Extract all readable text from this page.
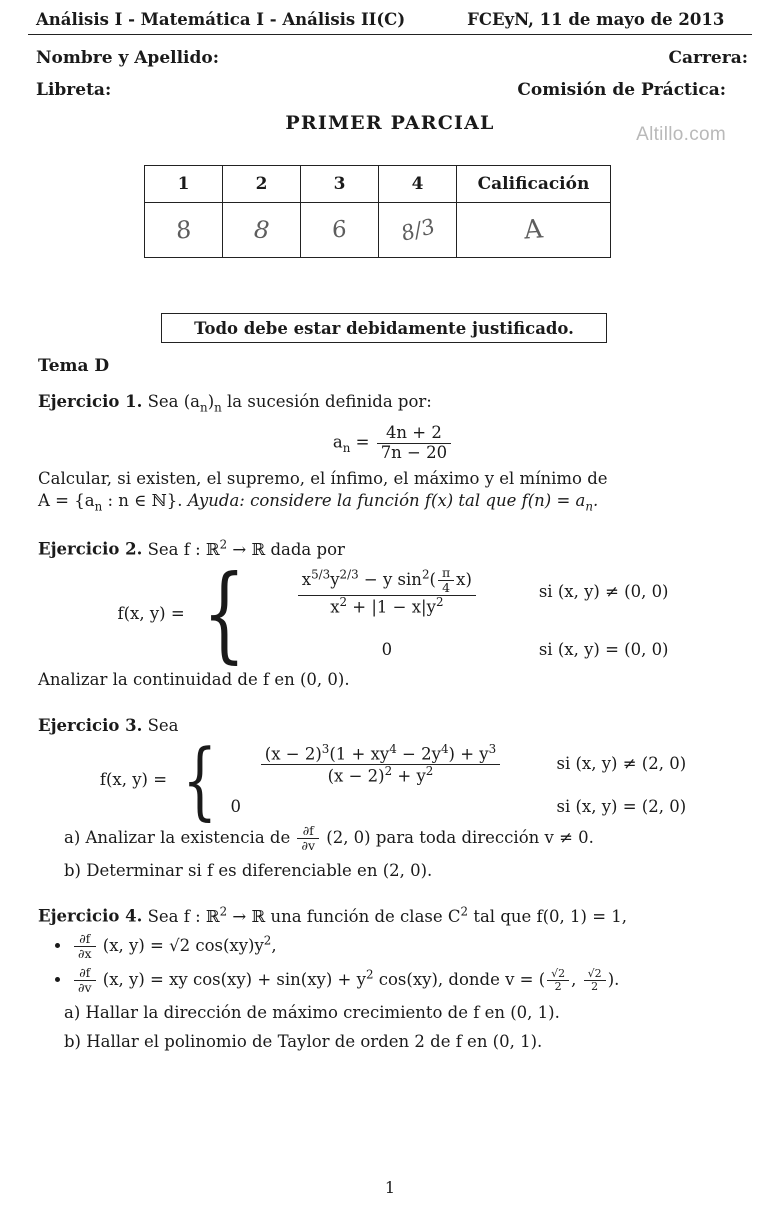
Análisis I - Matemática I - Análisis II(C)	FCEyN, 11 de mayo de 2013
Nombre y Apellido:	Carrera:
Libreta:	Comisión de Práctica:
PRIMER PARCIAL
Altillo.com
1	2	3	4	Calificación
8	8	6	8/3	A
Todo debe estar debidamente justificado.
Tema D
Ejercicio 1. Sea $(a_n)_n$ la sucesión definida por:
$a_n = \frac{4n + 2}{7n - 20}$
Calcular, si existen, el supremo, el ínfimo, el máximo y el mínimo de
$A = \{a_n$ : n ∈ ℕ}. Ayuda: considere la función f(x) tal que $f(n) = a_n$.
Ejercicio 2. Sea f : ℝ$^2$ → ℝ dada por
f(x, y) = {	$\frac{x^{5/3}y^{2/3} - y \sin^2( \frac{\pi}{4} x)}{x^2 + |1 - x|y^2}$	si (x, y) ≠ (0, 0)
0	si (x, y) = (0, 0)
Analizar la continuidad de f en (0, 0).
Ejercicio 3. Sea
f(x, y) = {	$\frac{(x - 2)^3(1 + xy^4 - 2y^4) + y^3}{(x - 2)^2 + y^2}$	si (x, y) ≠ (2, 0)
0	si (x, y) = (2, 0)
a) Analizar la existencia de $\frac{\partial f}{\partial v} (2$, 0) para toda dirección v ≠ 0.
b) Determinar si f es diferenciable en (2, 0).
Ejercicio 4. Sea f : ℝ$^2$ → ℝ una función de clase $C^2$ tal que f(0, 1) = 1,
• $\frac{\partial f}{\partial x} (x$, y) = √2 $\cos(xy)y^2$,
• $\frac{\partial f}{\partial v} (x$, y) = xy $\cos(xy) + \sin(xy) + y^2$ cos(xy), donde v = ( $\frac{√2}{2}$ , $\frac{√2}{2}$ ).
a) Hallar la dirección de máximo crecimiento de f en (0, 1).
b) Hallar el polinomio de Taylor de orden 2 de f en (0, 1).
1
